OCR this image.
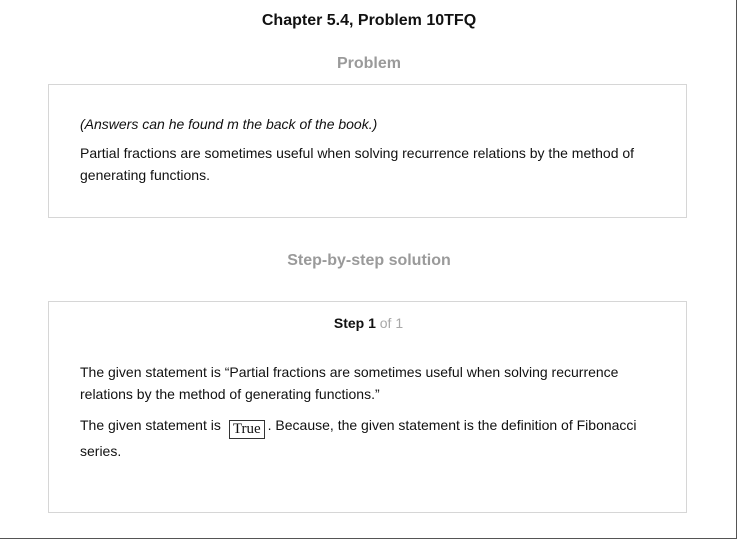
Chapter 5.4, Problem 10TFQ
Problem
(Answers can he found m the back of the book.)
Partial fractions are sometimes useful when solving recurrence relations by the method of generating functions.
Step-by-step solution
Step 1 of 1
The given statement is “Partial fractions are sometimes useful when solving recurrence relations by the method of generating functions.”
The given statement is True . Because, the given statement is the definition of Fibonacci series.
